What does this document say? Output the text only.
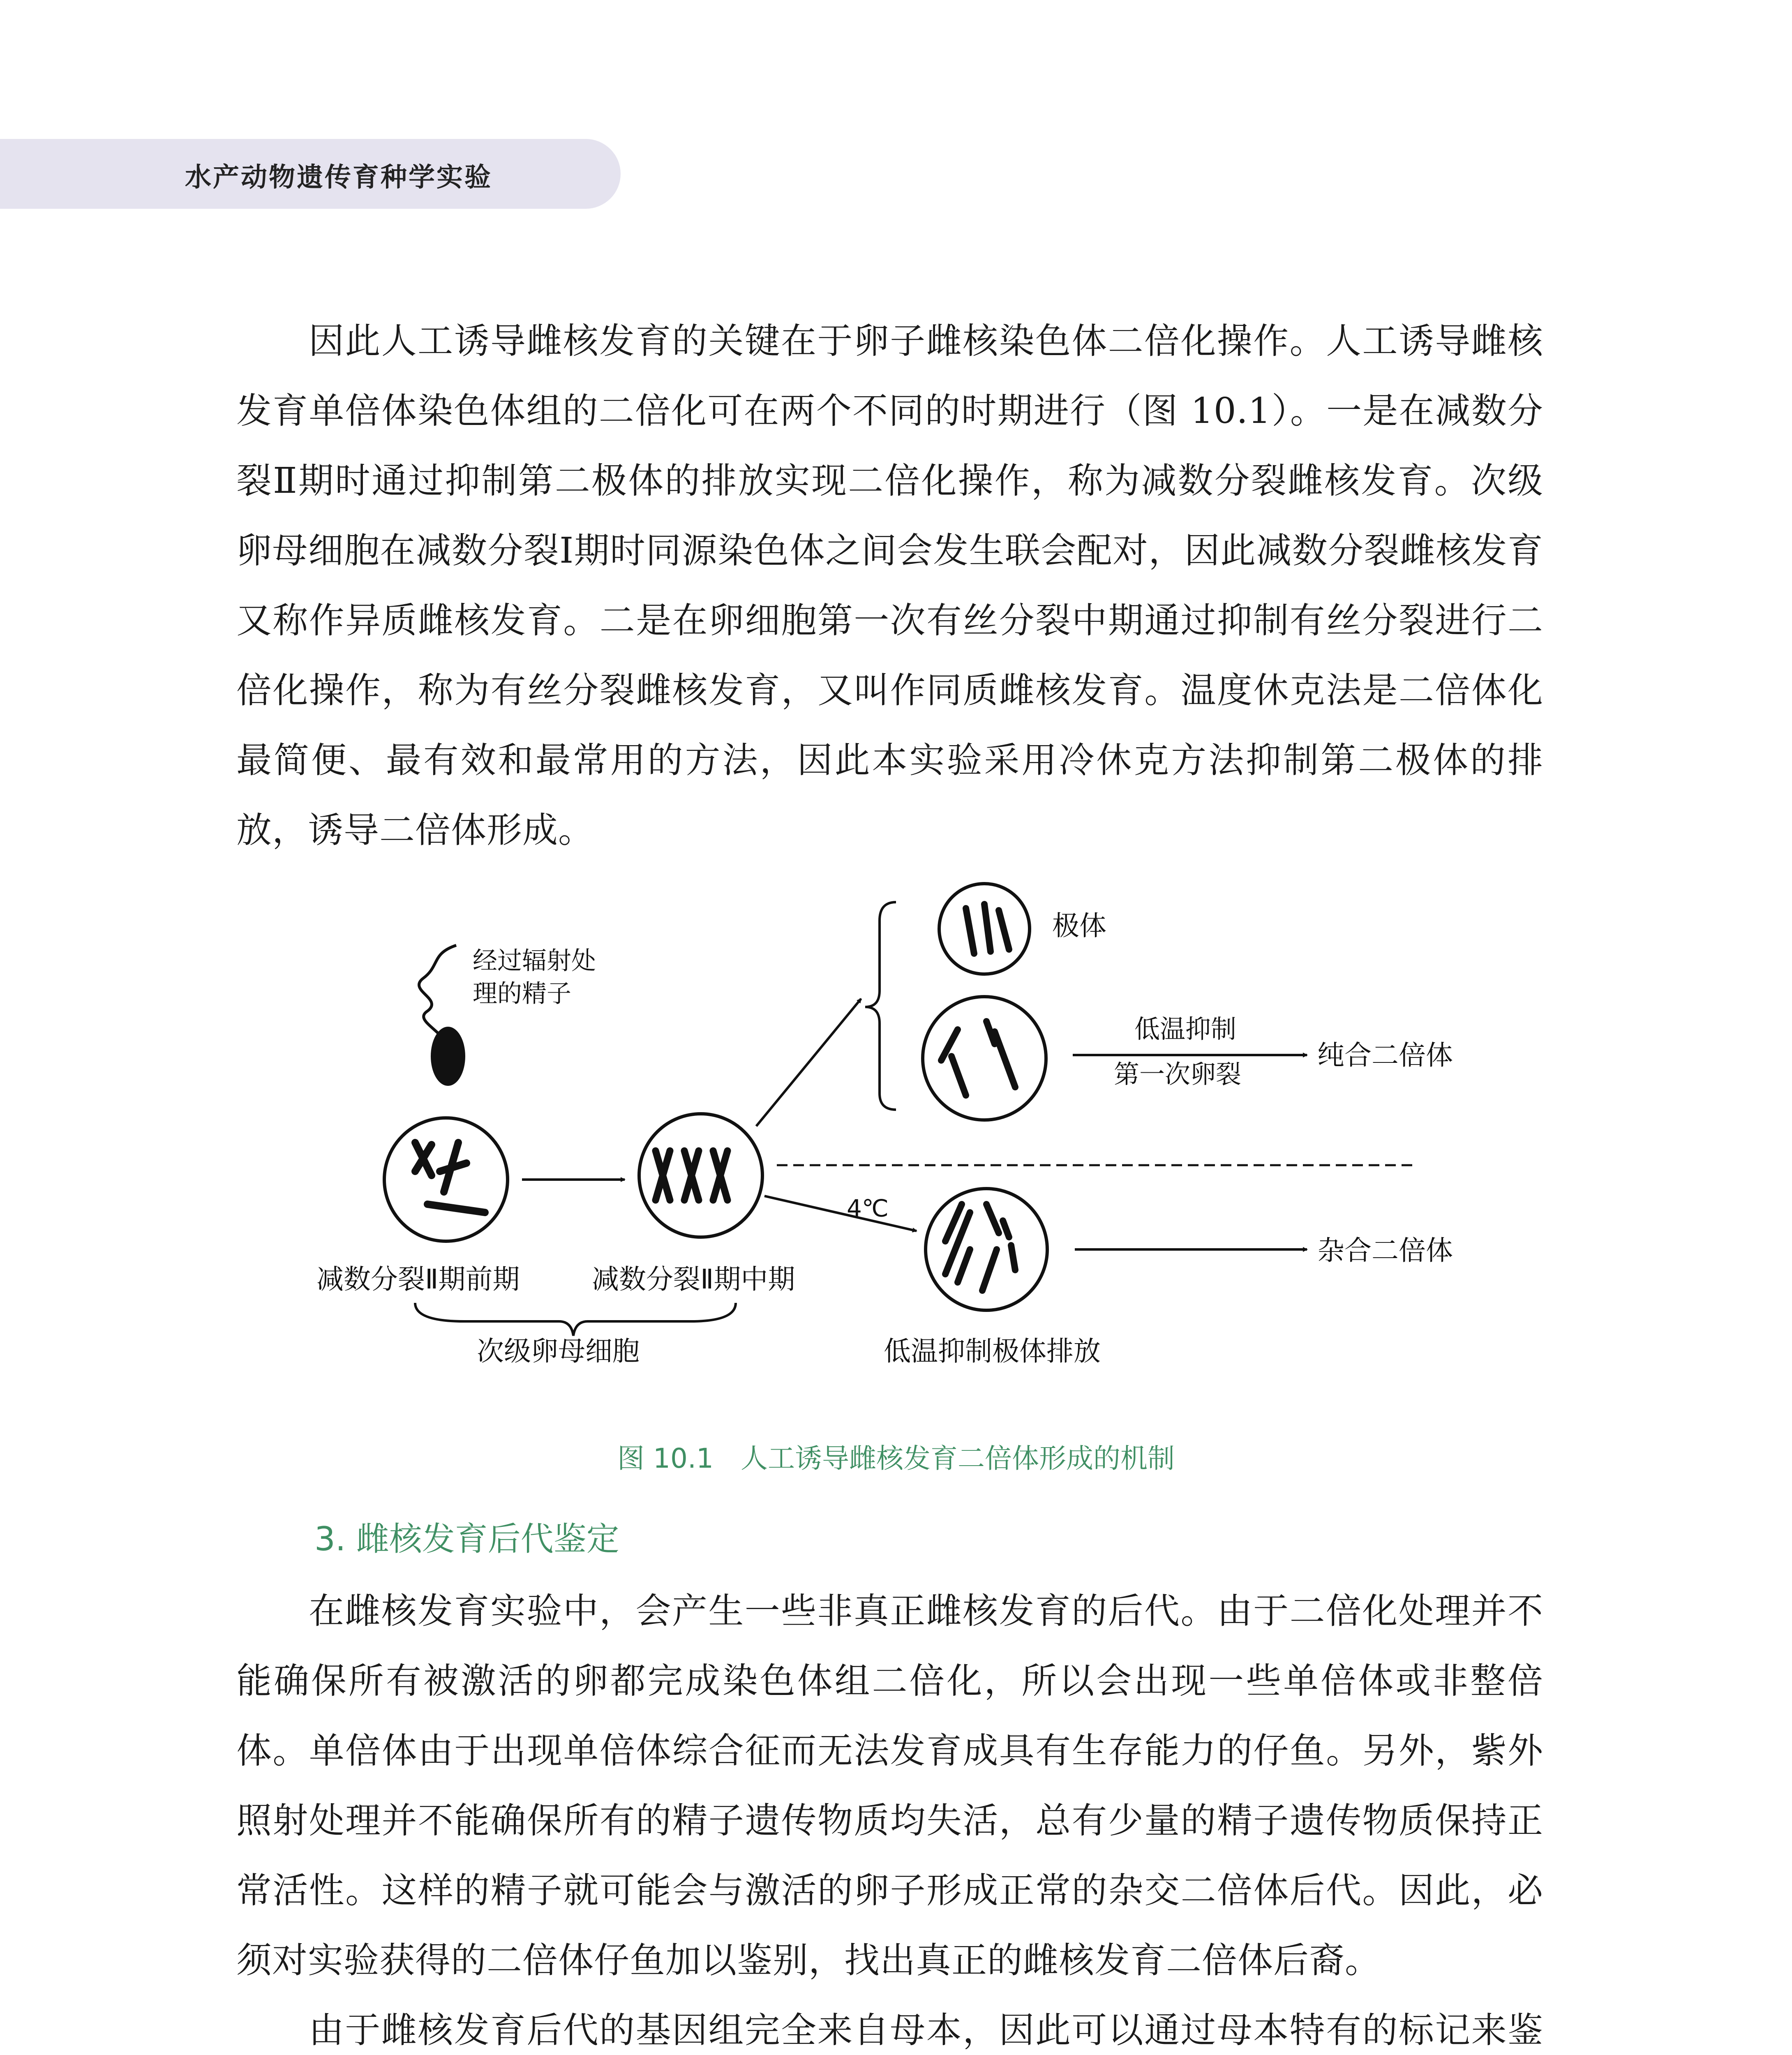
水产动物遗传育种学实验

因此人工诱导雌核发育的关键在于卵子雌核染色体二倍化操作。人工诱导雌核发育单倍体染色体组的二倍化可在两个不同的时期进行（图 10.1）。一是在减数分裂Ⅱ期时通过抑制第二极体的排放实现二倍化操作，称为减数分裂雌核发育。次级卵母细胞在减数分裂Ⅰ期时同源染色体之间会发生联会配对，因此减数分裂雌核发育又称作异质雌核发育。二是在卵细胞第一次有丝分裂中期通过抑制有丝分裂进行二倍化操作，称为有丝分裂雌核发育，又叫作同质雌核发育。温度休克法是二倍体化最简便、最有效和最常用的方法，因此本实验采用冷休克方法抑制第二极体的排放，诱导二倍体形成。

经过辐射处
理的精子
减数分裂Ⅱ期前期	减数分裂Ⅱ期中期
次级卵母细胞
极体
低温抑制
第一次卵裂
纯合二倍体
4℃
杂合二倍体
低温抑制极体排放
图 10.1　人工诱导雌核发育二倍体形成的机制
3. 雌核发育后代鉴定

在雌核发育实验中，会产生一些非真正雌核发育的后代。由于二倍化处理并不能确保所有被激活的卵都完成染色体组二倍化，所以会出现一些单倍体或非整倍体。单倍体由于出现单倍体综合征而无法发育成具有生存能力的仔鱼。另外，紫外照射处理并不能确保所有的精子遗传物质均失活，总有少量的精子遗传物质保持正常活性。这样的精子就可能会与激活的卵子形成正常的杂交二倍体后代。因此，必须对实验获得的二倍体仔鱼加以鉴别，找出真正的雌核发育二倍体后裔。

由于雌核发育后代的基因组完全来自母本，因此可以通过母本特有的标记来鉴
